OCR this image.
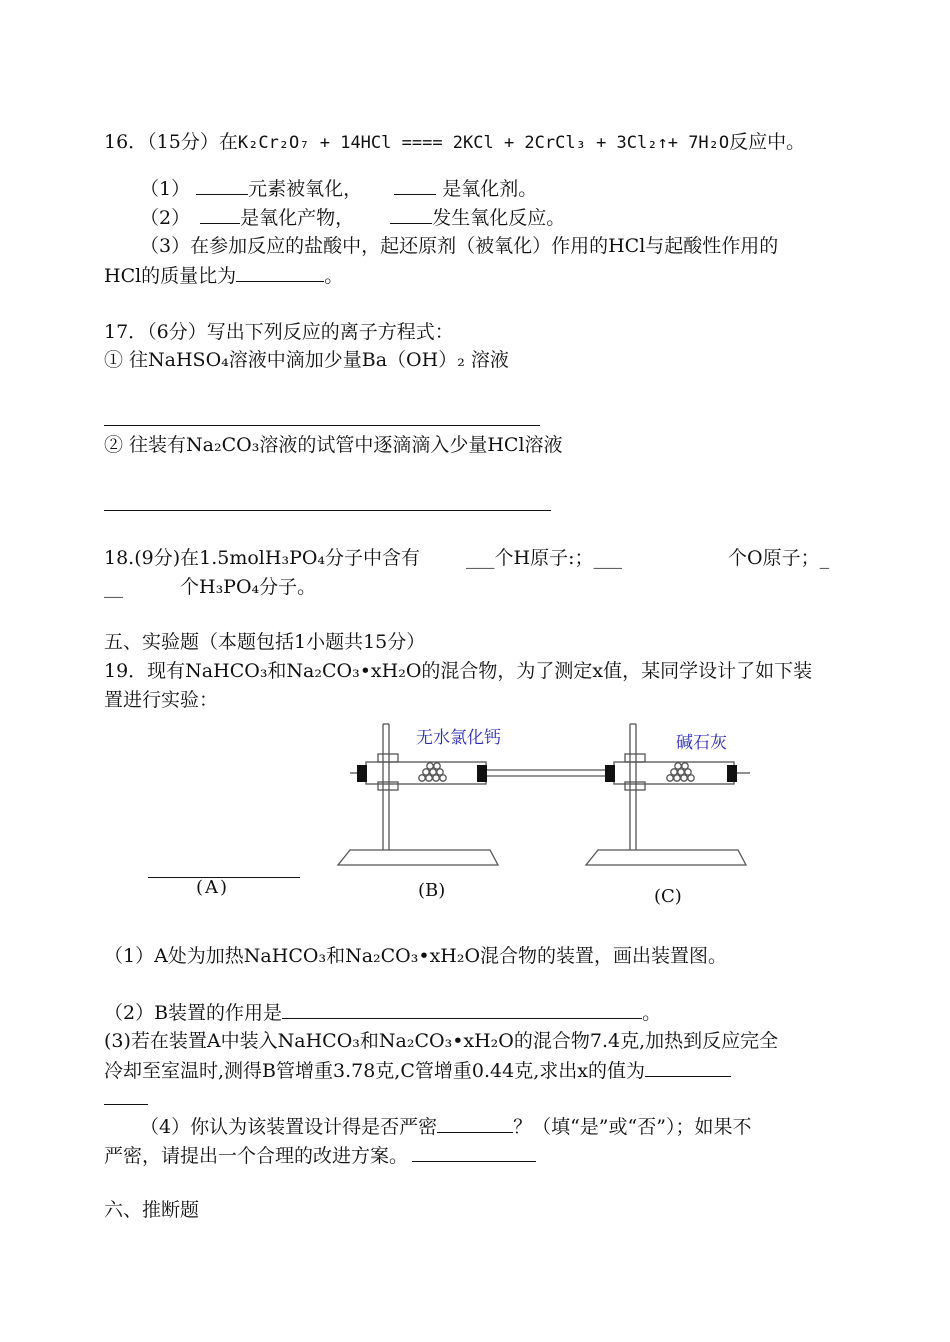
16．（15分）在K₂Cr₂O₇ + 14HCl ==== 2KCl + 2CrCl₃ + 3Cl₂↑+ 7H₂O反应中。
（1）	元素被氧化，	是氧化剂。
（2）	是氧化产物，	发生氧化反应。
（3）在参加反应的盐酸中，起还原剂（被氧化）作用的HCl与起酸性作用的
HCl的质量比为	。
17．（6分）写出下列反应的离子方程式：
① 往NaHSO₄溶液中滴加少量Ba（OH）₂ 溶液
② 往装有Na₂CO₃溶液的试管中逐滴滴入少量HCl溶液
18.(9分)在1.5molH₃PO₄分子中含有 ___个H原子:；___	个O原子；_
__	个H₃PO₄分子。
五、实验题（本题包括1小题共15分）
19．现有NaHCO₃和Na₂CO₃•xH₂O的混合物，为了测定x值，某同学设计了如下装
置进行实验：
无水氯化钙	碱石灰
(A)	(B)	(C)
（1）A处为加热NaHCO₃和Na₂CO₃•xH₂O混合物的装置，画出装置图。
（2）B装置的作用是	。
(3)若在装置A中装入NaHCO₃和Na₂CO₃•xH₂O的混合物7.4克,加热到反应完全
冷却至室温时,测得B管增重3.78克,C管增重0.44克,求出x的值为
（4）你认为该装置设计得是否严密	？（填“是”或“否”）；如果不
严密，请提出一个合理的改进方案。
六、推断题
